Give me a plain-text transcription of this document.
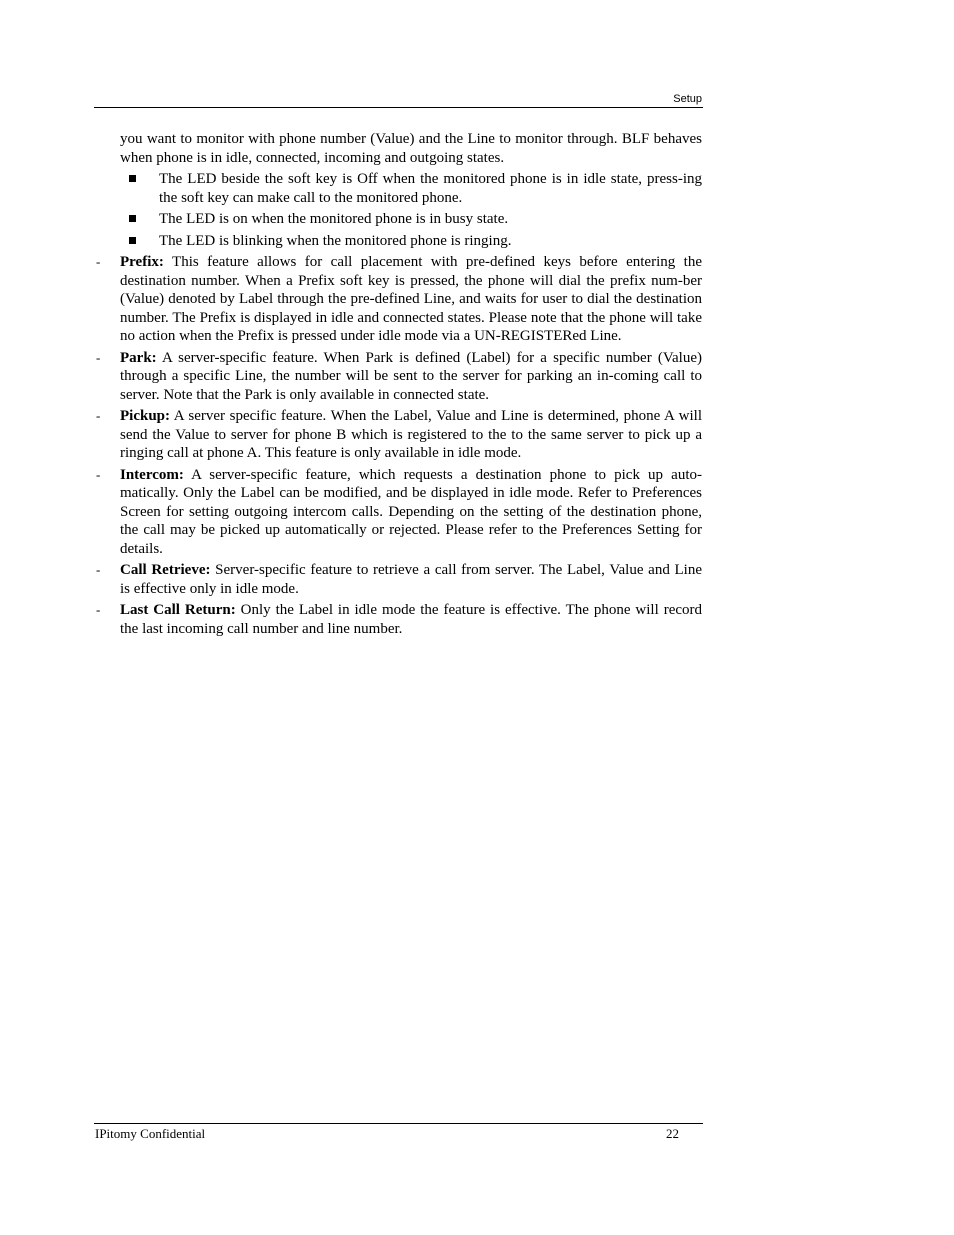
Setup

you want to monitor with phone number (Value) and the Line to monitor through. BLF behaves when phone is in idle, connected, incoming and outgoing states.

The LED beside the soft key is Off when the monitored phone is in idle state, press-ing the soft key can make call to the monitored phone.
The LED is on when the monitored phone is in busy state.
The LED is blinking when the monitored phone is ringing.
- Prefix: This feature allows for call placement with pre-defined keys before entering the destination number. When a Prefix soft key is pressed, the phone will dial the prefix num-ber (Value) denoted by Label through the pre-defined Line, and waits for user to dial the destination number. The Prefix is displayed in idle and connected states. Please note that the phone will take no action when the Prefix is pressed under idle mode via a UN-REGISTERed Line.
- Park: A server-specific feature. When Park is defined (Label) for a specific number (Value) through a specific Line, the number will be sent to the server for parking an in-coming call to server. Note that the Park is only available in connected state.
- Pickup: A server specific feature. When the Label, Value and Line is determined, phone A will send the Value to server for phone B which is registered to the to the same server to pick up a ringing call at phone A. This feature is only available in idle mode.
- Intercom: A server-specific feature, which requests a destination phone to pick up auto-matically. Only the Label can be modified, and be displayed in idle mode. Refer to Preferences Screen for setting outgoing intercom calls. Depending on the setting of the destination phone, the call may be picked up automatically or rejected. Please refer to the Preferences Setting for details.
- Call Retrieve: Server-specific feature to retrieve a call from server. The Label, Value and Line is effective only in idle mode.
- Last Call Return: Only the Label in idle mode the feature is effective. The phone will record the last incoming call number and line number.
IPitomy Confidential	22
